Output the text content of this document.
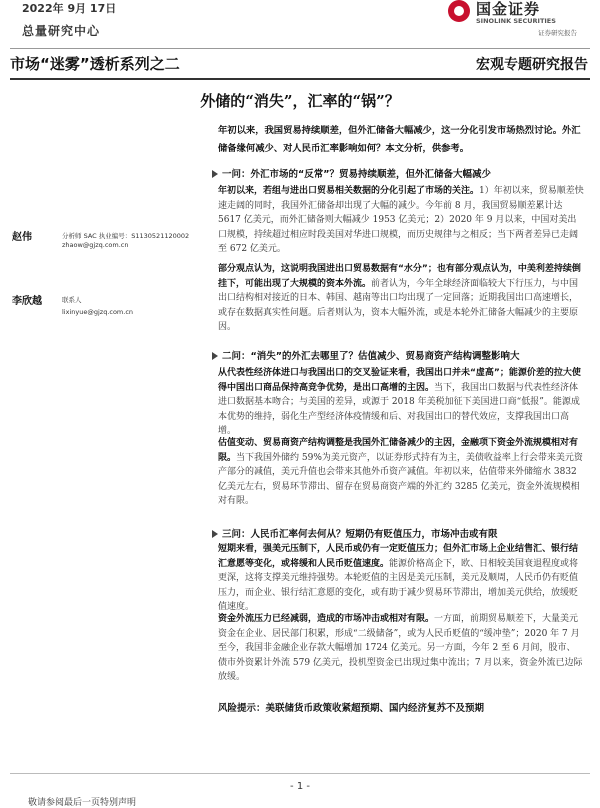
2022年 9月 17日
总量研究中心
国金证券
SINOLINK SECURITIES
证券研究报告
市场“迷雾”透析系列之二	宏观专题研究报告
外储的“消失”，汇率的“锅”？
年初以来，我国贸易持续顺差，但外汇储备大幅减少，这一分化引发市场热烈讨论。外汇储备缘何减少、对人民币汇率影响如何？本文分析，供参考。
赵伟	分析师 SAC 执业编号：S1130521120002
zhaow@gjzq.com.cn
李欣越	联系人
lixinyue@gjzq.com.cn
一问：外汇市场的“反常”？贸易持续顺差，但外汇储备大幅减少
年初以来，若组与进出口贸易相关数据的分化引起了市场的关注。1）年初以来，贸易顺差快速走阔的同时，我国外汇储备却出现了大幅的减少。今年前 8 月，我国贸易顺差累计达 5617 亿美元，而外汇储备则大幅减少 1953 亿美元；2）2020 年 9 月以来，中国对美出口规模，持续超过相应时段美国对华进口规模，而历史规律与之相反；当下两者差异已走阔至 672 亿美元。
部分观点认为，这说明我国进出口贸易数据有“水分”；也有部分观点认为，中美利差持续倒挂下，可能出现了大规模的资本外流。前者认为，今年全球经济面临较大下行压力，与中国出口结构相对接近的日本、韩国、越南等出口均出现了一定回落；近期我国出口高速增长，或存在数据真实性问题。后者则认为，资本大幅外流，或是本轮外汇储备大幅减少的主要原因。
二问：“消失”的外汇去哪里了？估值减少、贸易商资产结构调整影响大
从代表性经济体进口与我国出口的交叉验证来看，我国出口并未“虚高”；能源价差的拉大使得中国出口商品保持高竞争优势，是出口高增的主因。当下，我国出口数据与代表性经济体进口数据基本吻合；与美国的差异，或源于 2018 年美税加征下美国进口商“低报”。能源成本优势的维持，弱化生产型经济体疫情缓和后、对我国出口的替代效应，支撑我国出口高增。
估值变动、贸易商资产结构调整是我国外汇储备减少的主因，金融项下资金外流规模相对有限。当下我国外储约 59%为美元资产，以证券形式持有为主，美债收益率上行会带来美元资产部分的减值，美元升值也会带来其他外币资产减值。年初以来，估值带来外储缩水 3832 亿美元左右，贸易环节滞出、留存在贸易商资产端的外汇约 3285 亿美元，资金外流规模相对有限。
三问：人民币汇率何去何从？短期仍有贬值压力，市场冲击或有限
短期来看，强美元压制下，人民币或仍有一定贬值压力；但外汇市场上企业结售汇、银行结汇意愿等变化，或将缓和人民币贬值速度。能源价格高企下，欧、日相较美国衰退程度或将更深，这将支撑美元维持强势。本轮贬值的主因是美元压制，美元及顺周，人民币仍有贬值压力，而企业、银行结汇意愿的变化，或有助于减少贸易环节滞出，增加美元供给，放缓贬值速度。
资金外流压力已经减弱，造成的市场冲击或相对有限。一方面，前期贸易顺差下，大量美元资金在企业、居民部门积累，形成“二级储备”，或为人民币贬值的“缓冲垫”；2020 年 7 月至今，我国非金融企业存款大幅增加 1724 亿美元。另一方面，今年 2 至 6 月间，股市、债市外资累计外流 579 亿美元，投机型资金已出现过集中流出；7 月以来，资金外流已边际放缓。
风险提示：美联储货币政策收紧超预期、国内经济复苏不及预期
- 1 -
敬请参阅最后一页特别声明
